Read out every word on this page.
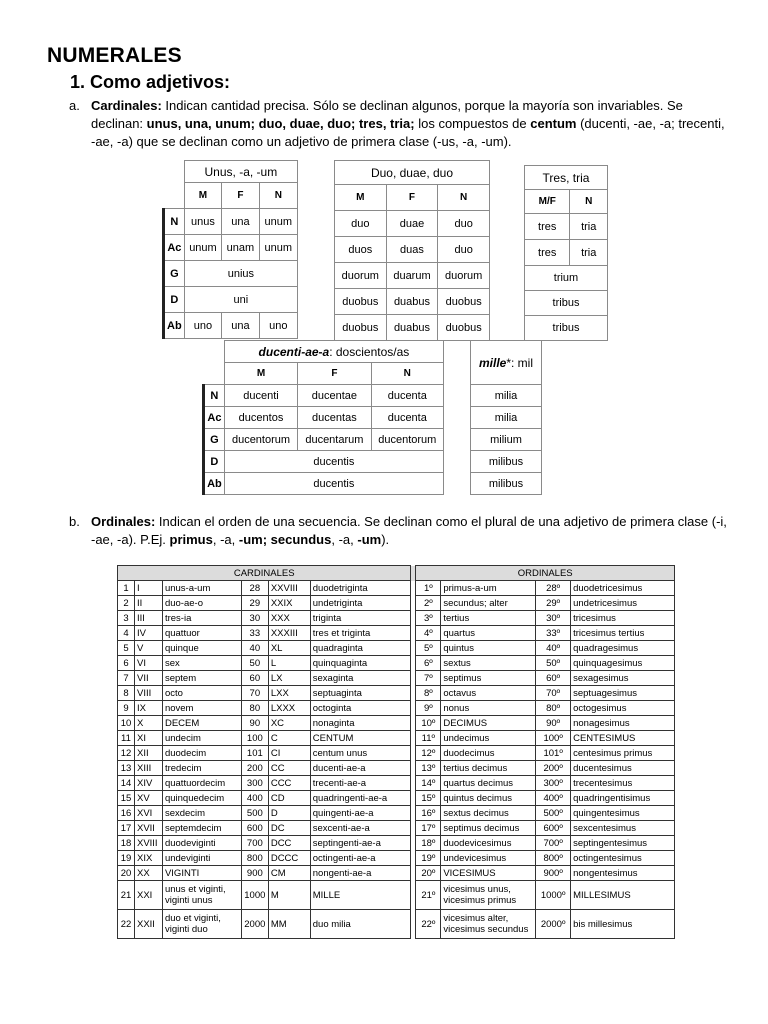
NUMERALES
1. Como adjetivos:
a. Cardinales: Indican cantidad precisa. Sólo se declinan algunos, porque la mayoría son invariables. Se declinan: unus, una, unum; duo, duae, duo; tres, tria; los compuestos de centum (ducenti, -ae, -a; trecenti, -ae, -a) que se declinan como un adjetivo de primera clase (-us, -a, -um).
	Unus, -a, -um		
	M	F	N
N	unus	una	unum
Ac	unum	unam	unum
G	unius		
D	uni		
Ab	uno	una	uno
Duo, duae, duo		
M	F	N
duo	duae	duo
duos	duas	duo
duorum	duarum	duorum
duobus	duabus	duobus
duobus	duabus	duobus
Tres, tria	
M/F	N
tres	tria
tres	tria
trium	
tribus	
tribus	
	ducenti-ae-a: doscientos/as		
	M	F	N
N	ducenti	ducentae	ducenta
Ac	ducentos	ducentas	ducenta
G	ducentorum	ducentarum	ducentorum
D	ducentis		
Ab	ducentis		
mille*: mil
milia
milia
milium
milibus
milibus
b. Ordinales: Indican el orden de una secuencia. Se declinan como el plural de una adjetivo de primera clase (-i, -ae, -a). P.Ej. primus, -a, -um; secundus, -a, -um).
CARDINALES							ORDINALES			
1	I	unus-a-um	28	XXVIII	duodetriginta		1º	primus-a-um	28º	duodetricesimus
2	II	duo-ae-o	29	XXIX	undetriginta		2º	secundus; alter	29º	undetricesimus
3	III	tres-ia	30	XXX	triginta		3º	tertius	30º	tricesimus
4	IV	quattuor	33	XXXIII	tres et triginta		4º	quartus	33º	tricesimus tertius
5	V	quinque	40	XL	quadraginta		5º	quintus	40º	quadragesimus
6	VI	sex	50	L	quinquaginta		6º	sextus	50º	quinquagesimus
7	VII	septem	60	LX	sexaginta		7º	septimus	60º	sexagesimus
8	VIII	octo	70	LXX	septuaginta		8º	octavus	70º	septuagesimus
9	IX	novem	80	LXXX	octoginta		9º	nonus	80º	octogesimus
10	X	DECEM	90	XC	nonaginta		10º	DECIMUS	90º	nonagesimus
11	XI	undecim	100	C	CENTUM		11º	undecimus	100º	CENTESIMUS
12	XII	duodecim	101	CI	centum unus		12º	duodecimus	101º	centesimus primus
13	XIII	tredecim	200	CC	ducenti-ae-a		13º	tertius decimus	200º	ducentesimus
14	XIV	quattuordecim	300	CCC	trecenti-ae-a		14º	quartus decimus	300º	trecentesimus
15	XV	quinquedecim	400	CD	quadringenti-ae-a		15º	quintus decimus	400º	quadringentisimus
16	XVI	sexdecim	500	D	quingenti-ae-a		16º	sextus decimus	500º	quingentesimus
17	XVII	septemdecim	600	DC	sexcenti-ae-a		17º	septimus decimus	600º	sexcentesimus
18	XVIII	duodeviginti	700	DCC	septingenti-ae-a		18º	duodevicesimus	700º	septingentesimus
19	XIX	undeviginti	800	DCCC	octingenti-ae-a		19º	undevicesimus	800º	octingentesimus
20	XX	VIGINTI	900	CM	nongenti-ae-a		20º	VICESIMUS	900º	nongentesimus
21	XXI	unus et viginti, viginti unus	1000	M	MILLE		21º	vicesimus unus, vicesimus primus	1000º	MILLESIMUS
22	XXII	duo et viginti, viginti duo	2000	MM	duo milia		22º	vicesimus alter, vicesimus secundus	2000º	bis millesimus
